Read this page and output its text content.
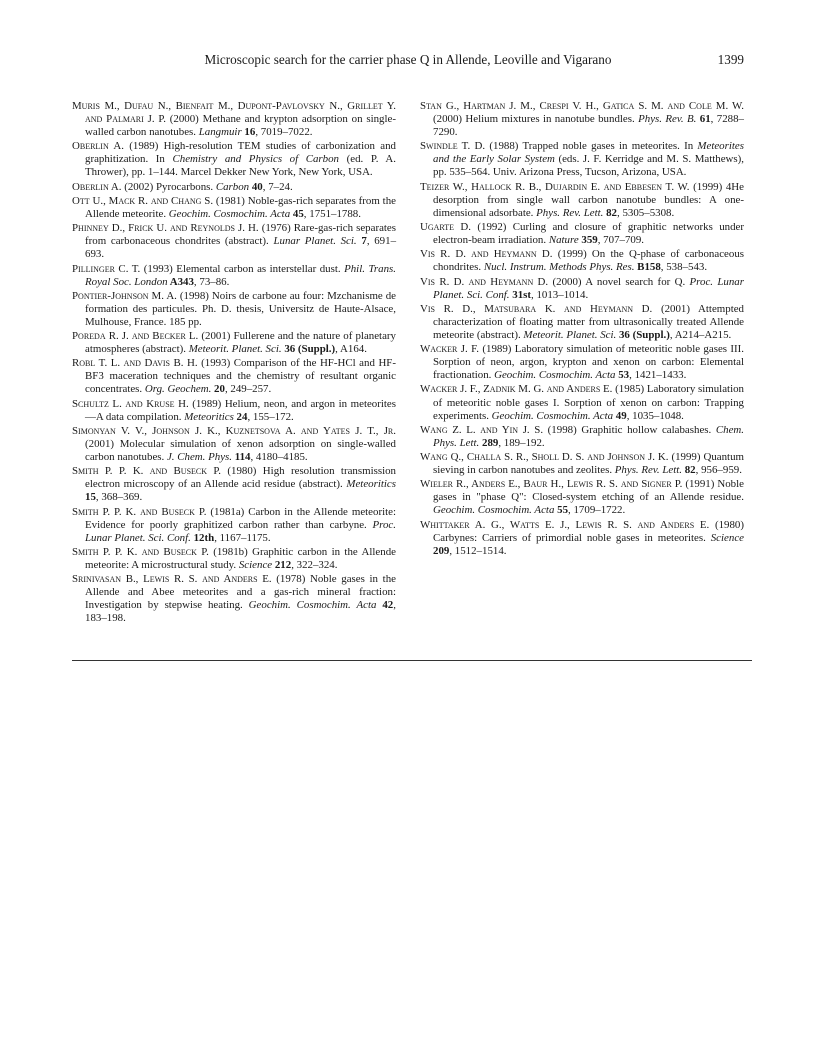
Microscopic search for the carrier phase Q in Allende, Leoville and Vigarano	1399

Muris M., Dufau N., Bienfait M., Dupont-Pavlovsky N., Grillet Y. and Palmari J. P. (2000) Methane and krypton adsorption on single-walled carbon nanotubes. Langmuir 16, 7019–7022.

Oberlin A. (1989) High-resolution TEM studies of carbonization and graphitization. In Chemistry and Physics of Carbon (ed. P. A. Thrower), pp. 1–144. Marcel Dekker New York, New York, USA.

Oberlin A. (2002) Pyrocarbons. Carbon 40, 7–24.

Ott U., Mack R. and Chang S. (1981) Noble-gas-rich separates from the Allende meteorite. Geochim. Cosmochim. Acta 45, 1751–1788.

Phinney D., Frick U. and Reynolds J. H. (1976) Rare-gas-rich separates from carbonaceous chondrites (abstract). Lunar Planet. Sci. 7, 691–693.

Pillinger C. T. (1993) Elemental carbon as interstellar dust. Phil. Trans. Royal Soc. London A343, 73–86.

Pontier-Johnson M. A. (1998) Noirs de carbone au four: Mzchanisme de formation des particules. Ph. D. thesis, Universitz de Haute-Alsace, Mulhouse, France. 185 pp.

Poreda R. J. and Becker L. (2001) Fullerene and the nature of planetary atmospheres (abstract). Meteorit. Planet. Sci. 36 (Suppl.), A164.

Robl T. L. and Davis B. H. (1993) Comparison of the HF-HCl and HF-BF3 maceration techniques and the chemistry of resultant organic concentrates. Org. Geochem. 20, 249–257.

Schultz L. and Kruse H. (1989) Helium, neon, and argon in meteorites—A data compilation. Meteoritics 24, 155–172.

Simonyan V. V., Johnson J. K., Kuznetsova A. and Yates J. T., Jr. (2001) Molecular simulation of xenon adsorption on single-walled carbon nanotubes. J. Chem. Phys. 114, 4180–4185.

Smith P. P. K. and Buseck P. (1980) High resolution transmission electron microscopy of an Allende acid residue (abstract). Meteoritics 15, 368–369.

Smith P. P. K. and Buseck P. (1981a) Carbon in the Allende meteorite: Evidence for poorly graphitized carbon rather than carbyne. Proc. Lunar Planet. Sci. Conf. 12th, 1167–1175.

Smith P. P. K. and Buseck P. (1981b) Graphitic carbon in the Allende meteorite: A microstructural study. Science 212, 322–324.

Srinivasan B., Lewis R. S. and Anders E. (1978) Noble gases in the Allende and Abee meteorites and a gas-rich mineral fraction: Investigation by stepwise heating. Geochim. Cosmochim. Acta 42, 183–198.

Stan G., Hartman J. M., Crespi V. H., Gatica S. M. and Cole M. W. (2000) Helium mixtures in nanotube bundles. Phys. Rev. B. 61, 7288–7290.

Swindle T. D. (1988) Trapped noble gases in meteorites. In Meteorites and the Early Solar System (eds. J. F. Kerridge and M. S. Matthews), pp. 535–564. Univ. Arizona Press, Tucson, Arizona, USA.

Teizer W., Hallock R. B., Dujardin E. and Ebbesen T. W. (1999) 4He desorption from single wall carbon nanotube bundles: A one-dimensional adsorbate. Phys. Rev. Lett. 82, 5305–5308.

Ugarte D. (1992) Curling and closure of graphitic networks under electron-beam irradiation. Nature 359, 707–709.

Vis R. D. and Heymann D. (1999) On the Q-phase of carbonaceous chondrites. Nucl. Instrum. Methods Phys. Res. B158, 538–543.

Vis R. D. and Heymann D. (2000) A novel search for Q. Proc. Lunar Planet. Sci. Conf. 31st, 1013–1014.

Vis R. D., Matsubara K. and Heymann D. (2001) Attempted characterization of floating matter from ultrasonically treated Allende meteorite (abstract). Meteorit. Planet. Sci. 36 (Suppl.), A214–A215.

Wacker J. F. (1989) Laboratory simulation of meteoritic noble gases III. Sorption of neon, argon, krypton and xenon on carbon: Elemental fractionation. Geochim. Cosmochim. Acta 53, 1421–1433.

Wacker J. F., Zadnik M. G. and Anders E. (1985) Laboratory simulation of meteoritic noble gases I. Sorption of xenon on carbon: Trapping experiments. Geochim. Cosmochim. Acta 49, 1035–1048.

Wang Z. L. and Yin J. S. (1998) Graphitic hollow calabashes. Chem. Phys. Lett. 289, 189–192.

Wang Q., Challa S. R., Sholl D. S. and Johnson J. K. (1999) Quantum sieving in carbon nanotubes and zeolites. Phys. Rev. Lett. 82, 956–959.

Wieler R., Anders E., Baur H., Lewis R. S. and Signer P. (1991) Noble gases in "phase Q": Closed-system etching of an Allende residue. Geochim. Cosmochim. Acta 55, 1709–1722.

Whittaker A. G., Watts E. J., Lewis R. S. and Anders E. (1980) Carbynes: Carriers of primordial noble gases in meteorites. Science 209, 1512–1514.
